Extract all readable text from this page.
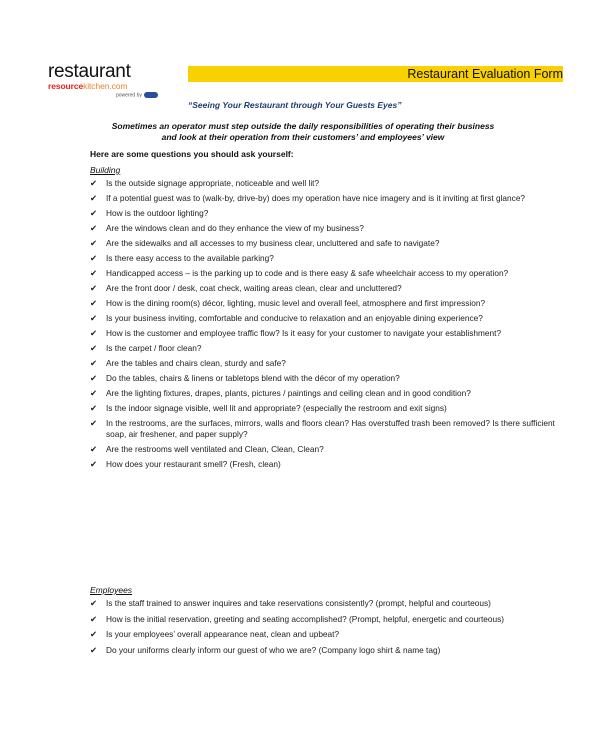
restaurant
resourcekitchen.com
powered by
Restaurant Evaluation Form
“Seeing Your Restaurant through Your Guests Eyes”
Sometimes an operator must step outside the daily responsibilities of operating their business
and look at their operation from their customers’ and employees’ view
Here are some questions you should ask yourself:
Building
✔ Is the outside signage appropriate, noticeable and well lit?
✔ If a potential guest was to (walk-by, drive-by) does my operation have nice imagery and is it inviting at first glance?
✔ How is the outdoor lighting?
✔ Are the windows clean and do they enhance the view of my business?
✔ Are the sidewalks and all accesses to my business clear, uncluttered and safe to navigate?
✔ Is there easy access to the available parking?
✔ Handicapped access – is the parking up to code and is there easy & safe wheelchair access to my operation?
✔ Are the front door / desk, coat check, waiting areas clean, clear and uncluttered?
✔ How is the dining room(s) décor, lighting, music level and overall feel, atmosphere and first impression?
✔ Is your business inviting, comfortable and conducive to relaxation and an enjoyable dining experience?
✔ How is the customer and employee traffic flow? Is it easy for your customer to navigate your establishment?
✔ Is the carpet / floor clean?
✔ Are the tables and chairs clean, sturdy and safe?
✔ Do the tables, chairs & linens or tabletops blend with the décor of my operation?
✔ Are the lighting fixtures, drapes, plants, pictures / paintings and ceiling clean and in good condition?
✔ Is the indoor signage visible, well lit and appropriate? (especially the restroom and exit signs)
✔ In the restrooms, are the surfaces, mirrors, walls and floors clean? Has overstuffed trash been removed? Is there sufficient soap, air freshener, and paper supply?
✔ Are the restrooms well ventilated and Clean, Clean, Clean?
✔ How does your restaurant smell? (Fresh, clean)
Employees
✔ Is the staff trained to answer inquires and take reservations consistently? (prompt, helpful and courteous)
✔ How is the initial reservation, greeting and seating accomplished? (Prompt, helpful, energetic and courteous)
✔ Is your employees’ overall appearance neat, clean and upbeat?
✔ Do your uniforms clearly inform our guest of who we are? (Company logo shirt & name tag)
